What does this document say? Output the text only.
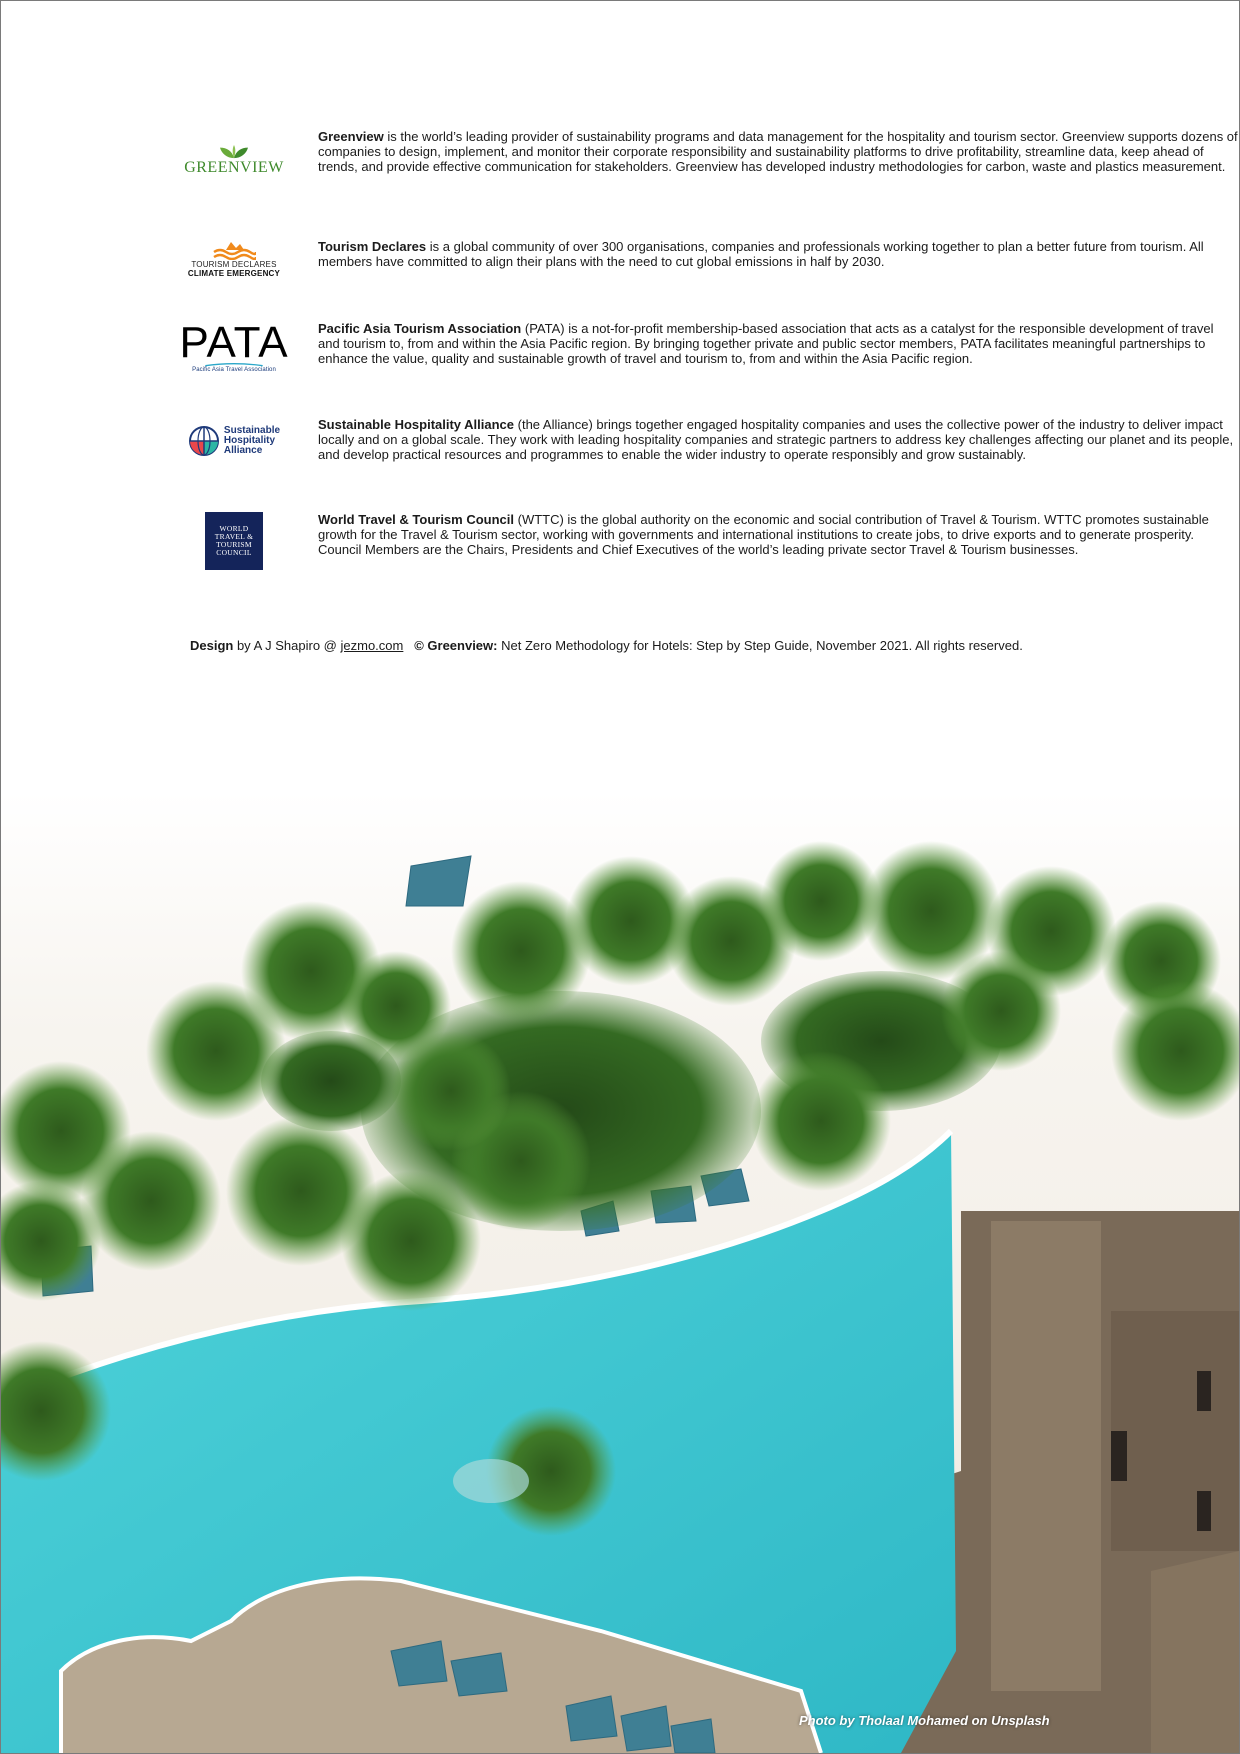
GREENVIEW
Greenview is the world’s leading provider of sustainability programs and data management for the hospitality and tourism sector. Greenview supports dozens of companies to design, implement, and monitor their corporate responsibility and sustainability platforms to drive profitability, streamline data, keep ahead of trends, and provide effective communication for stakeholders. Greenview has developed industry methodologies for carbon, waste and plastics measurement.
TOURISM DECLARES
CLIMATE EMERGENCY
Tourism Declares is a global community of over 300 organisations, companies and professionals working together to plan a better future from tourism. All members have committed to align their plans with the need to cut global emissions in half by 2030.
PATA
Pacific Asia Travel Association
Pacific Asia Tourism Association (PATA) is a not-for-profit membership-based association that acts as a catalyst for the responsible development of travel and tourism to, from and within the Asia Pacific region. By bringing together private and public sector members, PATA facilitates meaningful partnerships to enhance the value, quality and sustainable growth of travel and tourism to, from and within the Asia Pacific region.
Sustainable
Hospitality
Alliance
Sustainable Hospitality Alliance (the Alliance) brings together engaged hospitality companies and uses the collective power of the industry to deliver impact locally and on a global scale. They work with leading hospitality companies and strategic partners to address key challenges affecting our planet and its people, and develop practical resources and programmes to enable the wider industry to operate responsibly and grow sustainably.
WORLD
TRAVEL &
TOURISM
COUNCIL
World Travel & Tourism Council (WTTC) is the global authority on the economic and social contribution of Travel & Tourism. WTTC promotes sustainable growth for the Travel & Tourism sector, working with governments and international institutions to create jobs, to drive exports and to generate prosperity. Council Members are the Chairs, Presidents and Chief Executives of the world’s leading private sector Travel & Tourism businesses.
Design by A J Shapiro @ jezmo.com © Greenview: Net Zero Methodology for Hotels: Step by Step Guide, November 2021. All rights reserved.
Photo by Tholaal Mohamed on Unsplash
